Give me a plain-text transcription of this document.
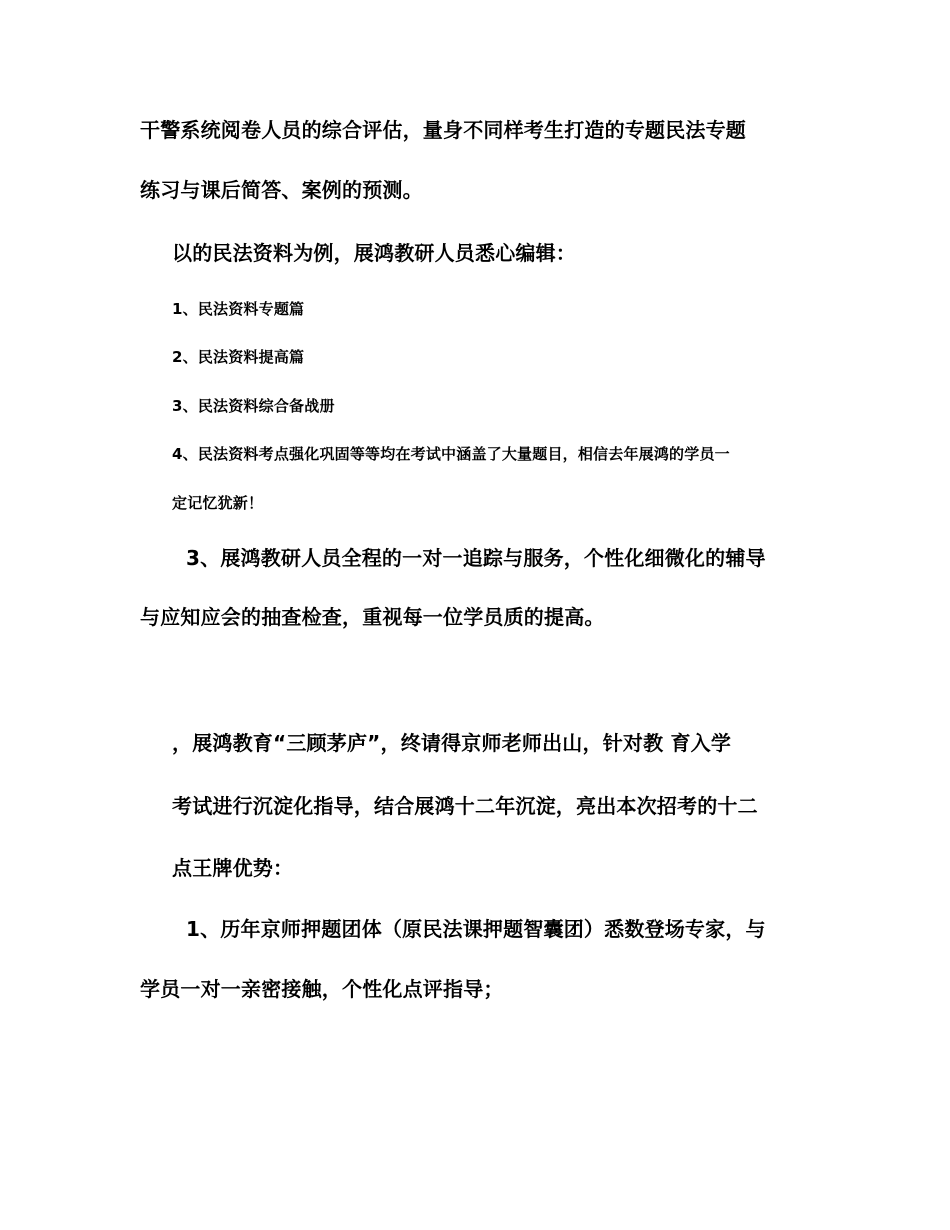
干警系统阅卷人员的综合评估，量身不同样考生打造的专题民法专题
练习与课后简答、案例的预测。
以的民法资料为例，展鸿教研人员悉心编辑：
1、民法资料专题篇
2、民法资料提高篇
3、民法资料综合备战册
4、民法资料考点强化巩固等等均在考试中涵盖了大量题目，相信去年展鸿的学员一
定记忆犹新！
3、展鸿教研人员全程的一对一追踪与服务，个性化细微化的辅导
与应知应会的抽查检查，重视每一位学员质的提高。
，展鸿教育“三顾茅庐”，终请得京师老师出山，针对教 育入学
考试进行沉淀化指导，结合展鸿十二年沉淀，亮出本次招考的十二
点王牌优势：
1、历年京师押题团体（原民法课押题智囊团）悉数登场专家，与
学员一对一亲密接触，个性化点评指导；
